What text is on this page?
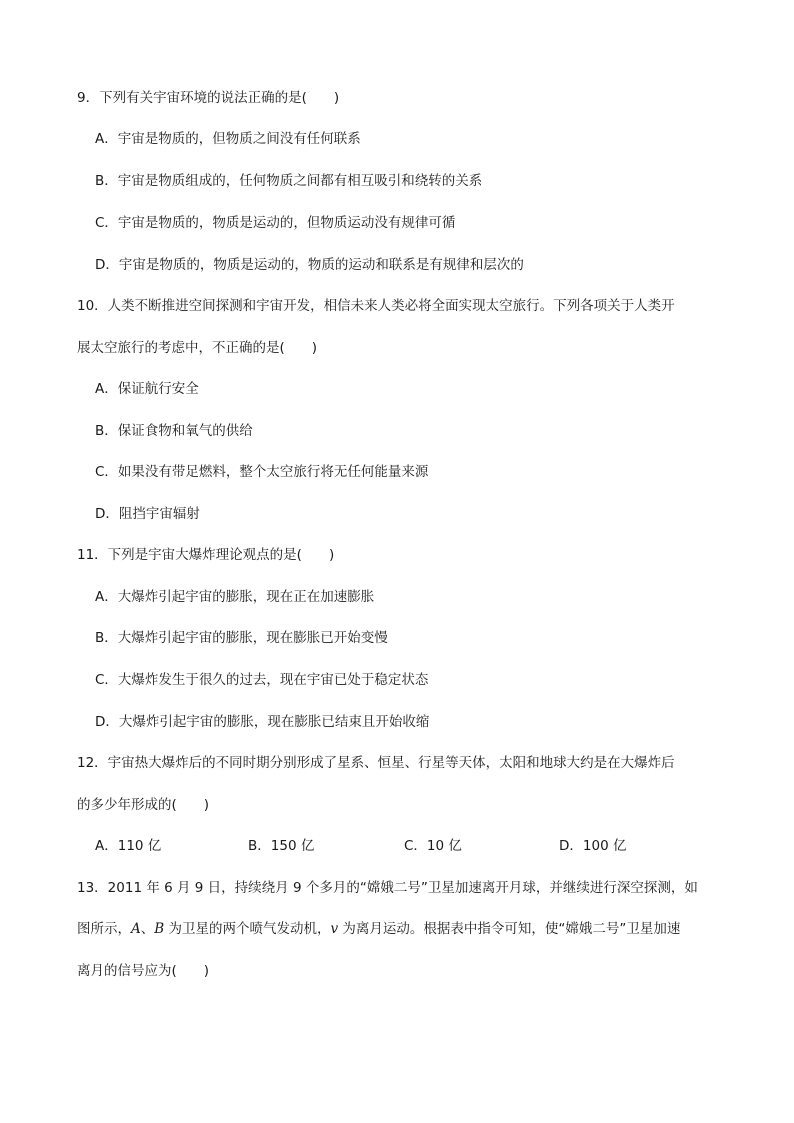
9．下列有关宇宙环境的说法正确的是(　　)
A．宇宙是物质的，但物质之间没有任何联系
B．宇宙是物质组成的，任何物质之间都有相互吸引和绕转的关系
C．宇宙是物质的，物质是运动的，但物质运动没有规律可循
D．宇宙是物质的，物质是运动的，物质的运动和联系是有规律和层次的
10．人类不断推进空间探测和宇宙开发，相信未来人类必将全面实现太空旅行。下列各项关于人类开
展太空旅行的考虑中，不正确的是(　　)
A．保证航行安全
B．保证食物和氧气的供给
C．如果没有带足燃料，整个太空旅行将无任何能量来源
D．阻挡宇宙辐射
11．下列是宇宙大爆炸理论观点的是(　　)
A．大爆炸引起宇宙的膨胀，现在正在加速膨胀
B．大爆炸引起宇宙的膨胀，现在膨胀已开始变慢
C．大爆炸发生于很久的过去，现在宇宙已处于稳定状态
D．大爆炸引起宇宙的膨胀，现在膨胀已结束且开始收缩
12．宇宙热大爆炸后的不同时期分别形成了星系、恒星、行星等天体，太阳和地球大约是在大爆炸后
的多少年形成的(　　)
A．110 亿	B．150 亿	C．10 亿	D．100 亿
13．2011 年 6 月 9 日，持续绕月 9 个多月的“嫦娥二号”卫星加速离开月球，并继续进行深空探测，如
图所示，A、B 为卫星的两个喷气发动机，v 为离月运动。根据表中指令可知，使“嫦娥二号”卫星加速
离月的信号应为(　　)
